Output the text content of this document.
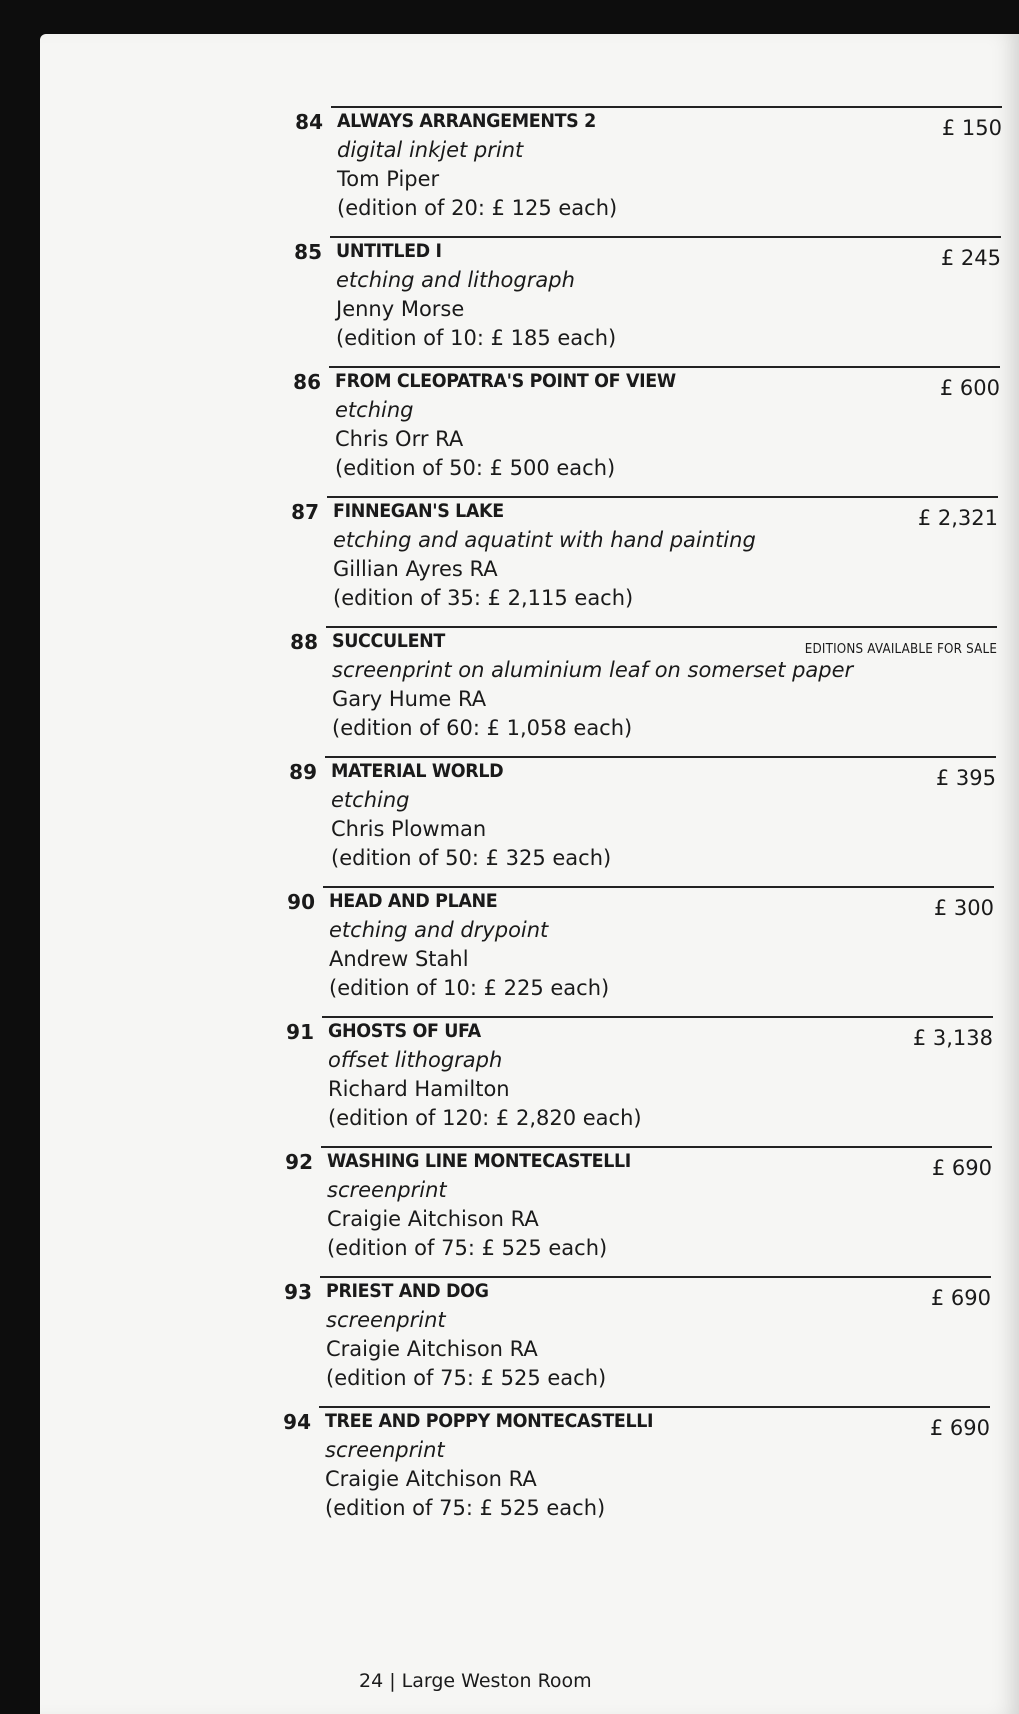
84 ALWAYS ARRANGEMENTS 2
digital inkjet print
Tom Piper
(edition of 20: £ 125 each)
£ 150
85 UNTITLED I
etching and lithograph
Jenny Morse
(edition of 10: £ 185 each)
£ 245
86 FROM CLEOPATRA'S POINT OF VIEW
etching
Chris Orr RA
(edition of 50: £ 500 each)
£ 600
87 FINNEGAN'S LAKE
etching and aquatint with hand painting
Gillian Ayres RA
(edition of 35: £ 2,115 each)
£ 2,321
88 SUCCULENT
screenprint on aluminium leaf on somerset paper
Gary Hume RA
(edition of 60: £ 1,058 each)
EDITIONS AVAILABLE FOR SALE
89 MATERIAL WORLD
etching
Chris Plowman
(edition of 50: £ 325 each)
£ 395
90 HEAD AND PLANE
etching and drypoint
Andrew Stahl
(edition of 10: £ 225 each)
£ 300
91 GHOSTS OF UFA
offset lithograph
Richard Hamilton
(edition of 120: £ 2,820 each)
£ 3,138
92 WASHING LINE MONTECASTELLI
screenprint
Craigie Aitchison RA
(edition of 75: £ 525 each)
£ 690
93 PRIEST AND DOG
screenprint
Craigie Aitchison RA
(edition of 75: £ 525 each)
£ 690
94 TREE AND POPPY MONTECASTELLI
screenprint
Craigie Aitchison RA
(edition of 75: £ 525 each)
£ 690
24 | Large Weston Room
